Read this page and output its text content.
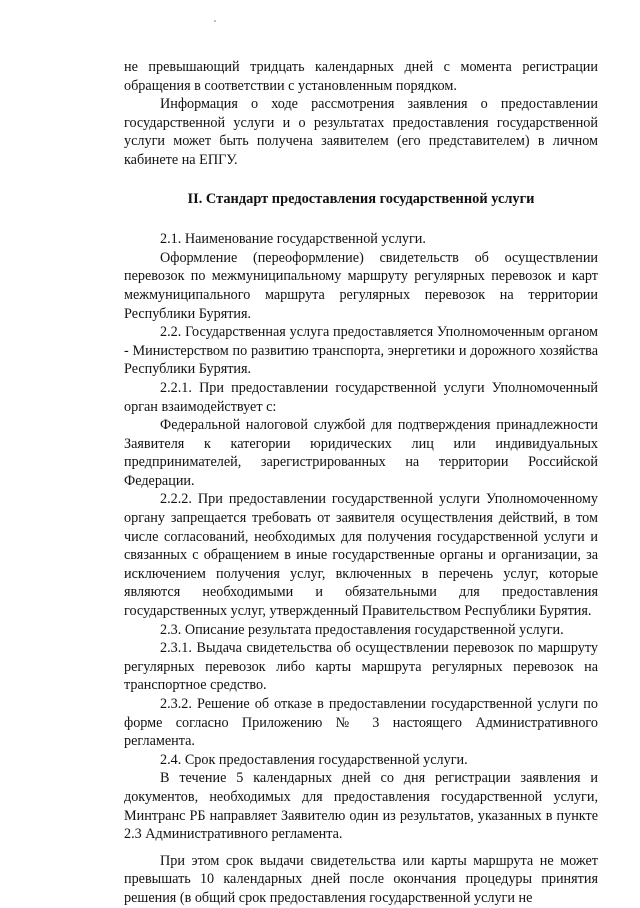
не превышающий тридцать календарных дней с момента регистрации обращения в соответствии с установленным порядком.

Информация о ходе рассмотрения заявления о предоставлении государственной услуги и о результатах предоставления государственной услуги может быть получена заявителем (его представителем) в личном кабинете на ЕПГУ.

II. Стандарт предоставления государственной услуги

2.1. Наименование государственной услуги.

Оформление (переоформление) свидетельств об осуществлении перевозок по межмуниципальному маршруту регулярных перевозок и карт межмуниципального маршрута регулярных перевозок на территории Республики Бурятия.

2.2. Государственная услуга предоставляется Уполномоченным органом - Министерством по развитию транспорта, энергетики и дорожного хозяйства Республики Бурятия.

2.2.1. При предоставлении государственной услуги Уполномоченный орган взаимодействует с:

Федеральной налоговой службой для подтверждения принадлежности Заявителя к категории юридических лиц или индивидуальных предпринимателей, зарегистрированных на территории Российской Федерации.

2.2.2. При предоставлении государственной услуги Уполномоченному органу запрещается требовать от заявителя осуществления действий, в том числе согласований, необходимых для получения государственной услуги и связанных с обращением в иные государственные органы и организации, за исключением получения услуг, включенных в перечень услуг, которые являются необходимыми и обязательными для предоставления государственных услуг, утвержденный Правительством Республики Бурятия.

2.3. Описание результата предоставления государственной услуги.

2.3.1. Выдача свидетельства об осуществлении перевозок по маршруту регулярных перевозок либо карты маршрута регулярных перевозок на транспортное средство.

2.3.2. Решение об отказе в предоставлении государственной услуги по форме согласно Приложению № 3 настоящего Административного регламента.

2.4. Срок предоставления государственной услуги.

В течение 5 календарных дней со дня регистрации заявления и документов, необходимых для предоставления государственной услуги, Минтранс РБ направляет Заявителю один из результатов, указанных в пункте 2.3 Административного регламента.

При этом срок выдачи свидетельства или карты маршрута не может превышать 10 календарных дней после окончания процедуры принятия решения (в общий срок предоставления государственной услуги не
